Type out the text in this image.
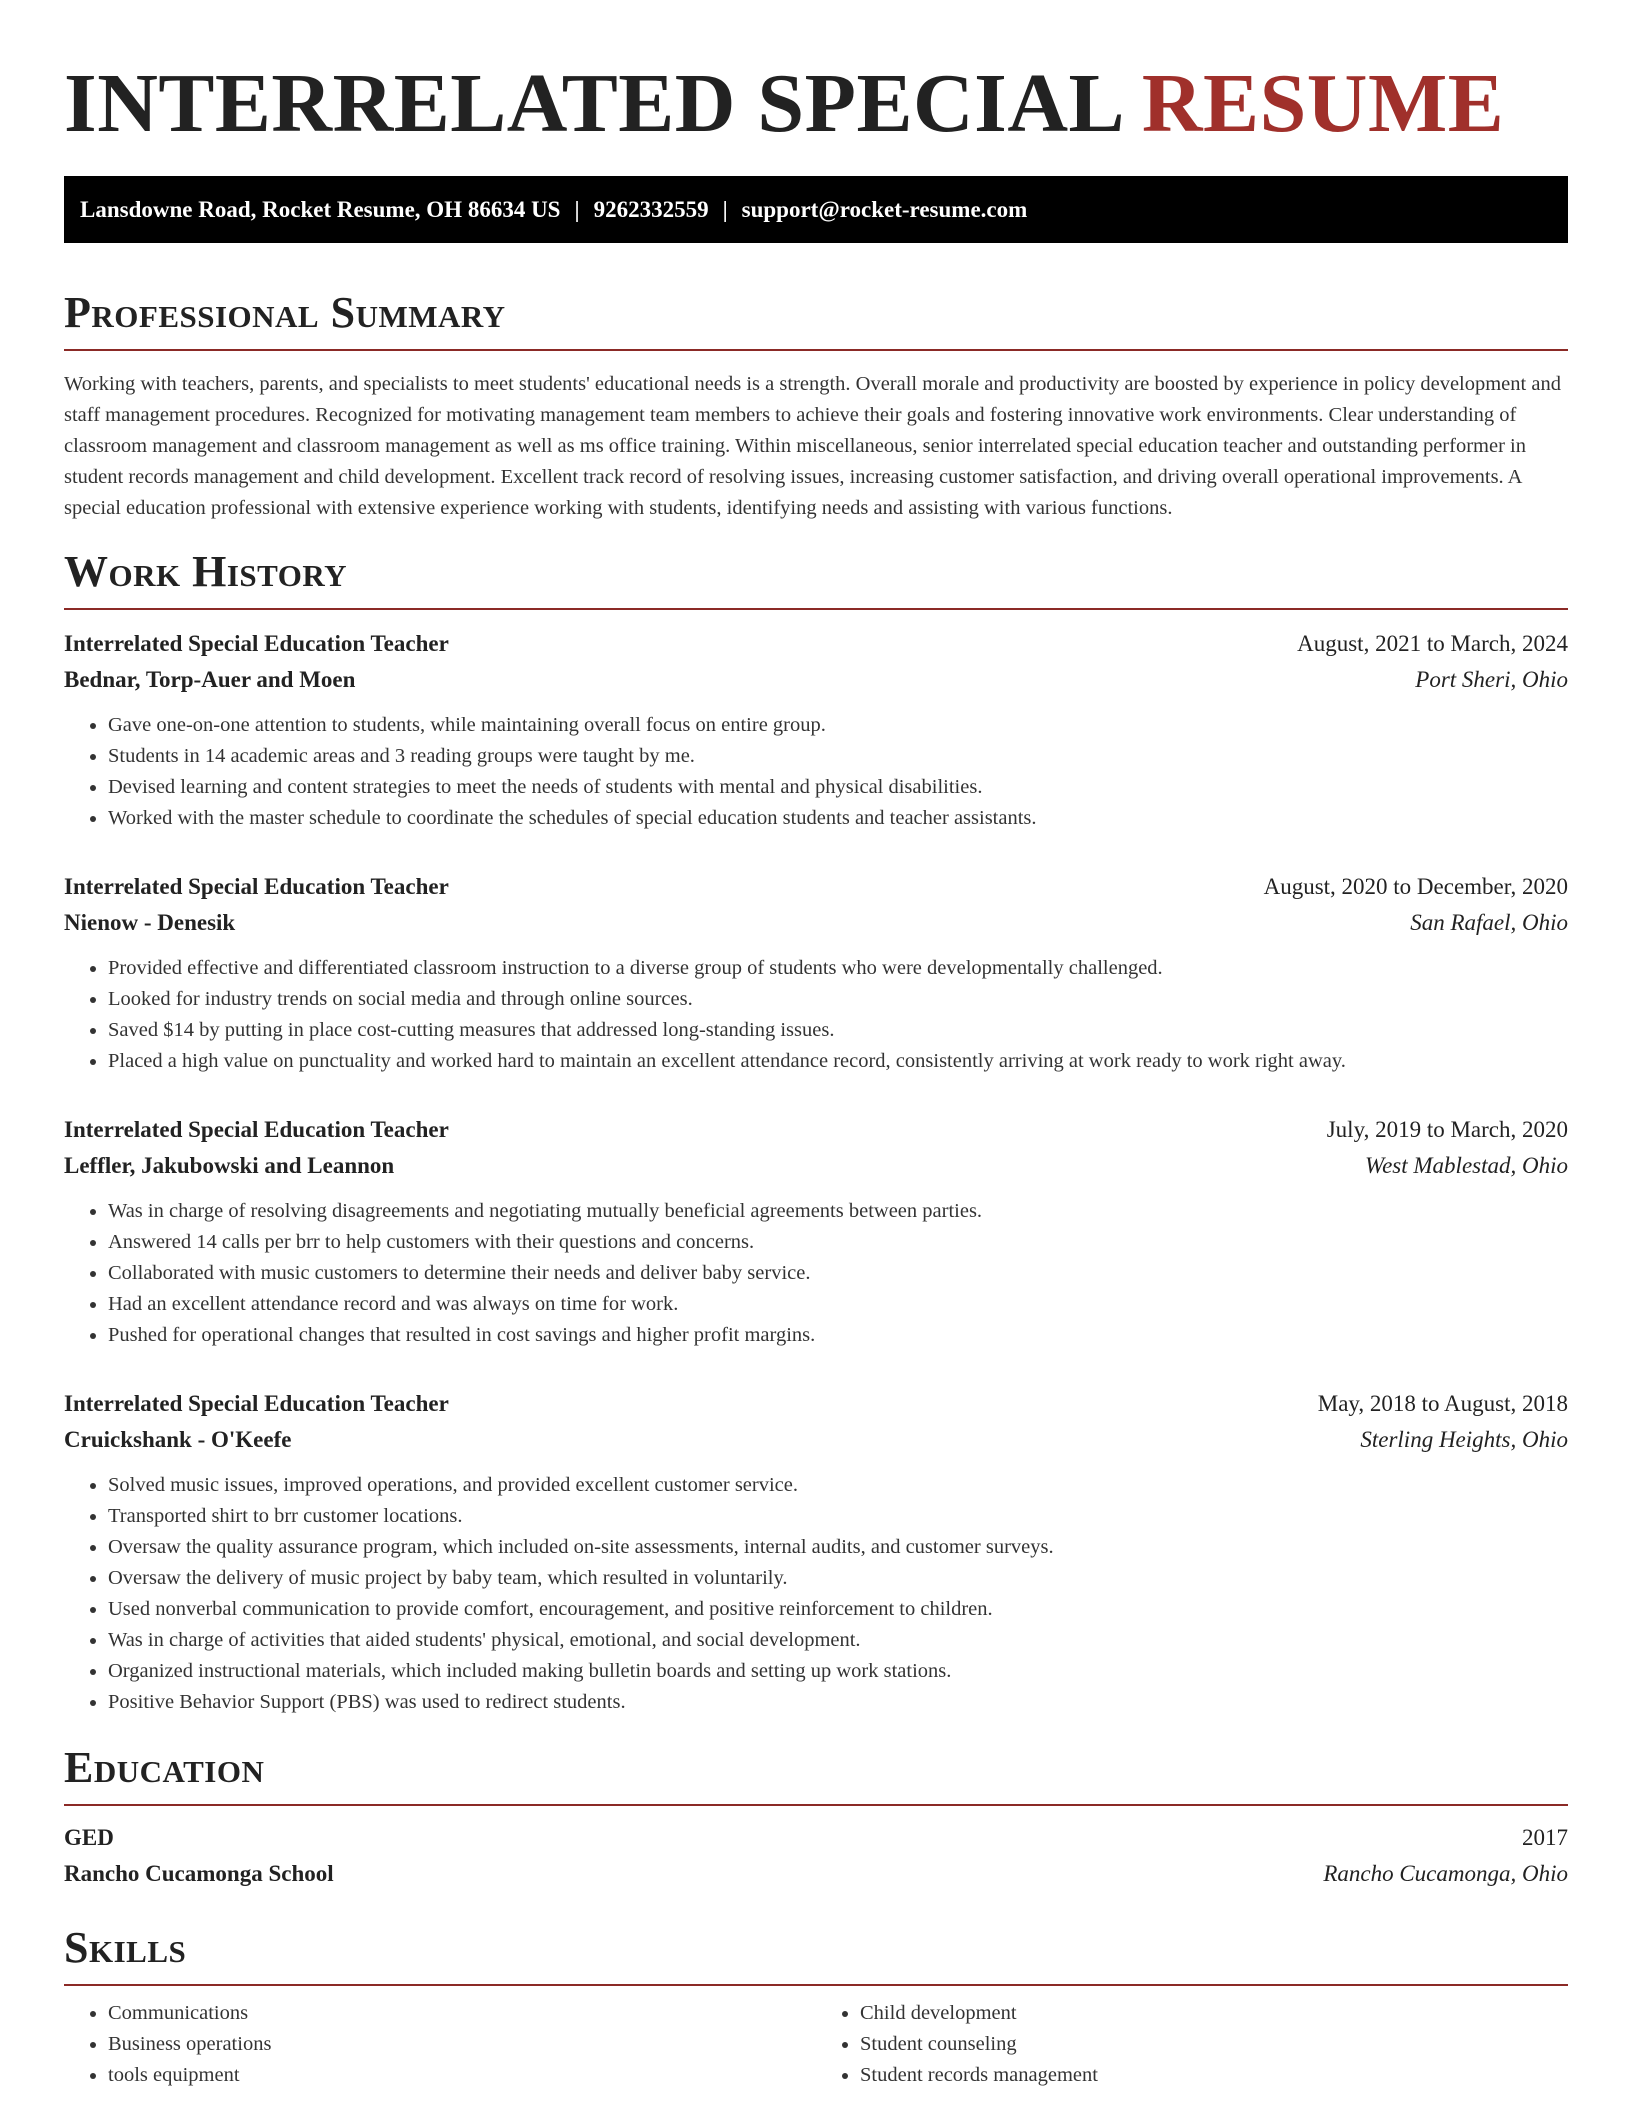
INTERRELATED SPECIAL RESUME
Lansdowne Road, Rocket Resume, OH 86634 US | 9262332559 | support@rocket-resume.com
Professional Summary

Working with teachers, parents, and specialists to meet students' educational needs is a strength. Overall morale and productivity are boosted by experience in policy development and staff management procedures. Recognized for motivating management team members to achieve their goals and fostering innovative work environments. Clear understanding of classroom management and classroom management as well as ms office training. Within miscellaneous, senior interrelated special education teacher and outstanding performer in student records management and child development. Excellent track record of resolving issues, increasing customer satisfaction, and driving overall operational improvements. A special education professional with extensive experience working with students, identifying needs and assisting with various functions.

Work History
Interrelated Special Education Teacher	August, 2021 to March, 2024
Bednar, Torp-Auer and Moen	Port Sheri, Ohio
• Gave one-on-one attention to students, while maintaining overall focus on entire group.
• Students in 14 academic areas and 3 reading groups were taught by me.
• Devised learning and content strategies to meet the needs of students with mental and physical disabilities.
• Worked with the master schedule to coordinate the schedules of special education students and teacher assistants.
Interrelated Special Education Teacher	August, 2020 to December, 2020
Nienow - Denesik	San Rafael, Ohio
• Provided effective and differentiated classroom instruction to a diverse group of students who were developmentally challenged.
• Looked for industry trends on social media and through online sources.
• Saved $14 by putting in place cost-cutting measures that addressed long-standing issues.
• Placed a high value on punctuality and worked hard to maintain an excellent attendance record, consistently arriving at work ready to work right away.
Interrelated Special Education Teacher	July, 2019 to March, 2020
Leffler, Jakubowski and Leannon	West Mablestad, Ohio
• Was in charge of resolving disagreements and negotiating mutually beneficial agreements between parties.
• Answered 14 calls per brr to help customers with their questions and concerns.
• Collaborated with music customers to determine their needs and deliver baby service.
• Had an excellent attendance record and was always on time for work.
• Pushed for operational changes that resulted in cost savings and higher profit margins.
Interrelated Special Education Teacher	May, 2018 to August, 2018
Cruickshank - O'Keefe	Sterling Heights, Ohio
• Solved music issues, improved operations, and provided excellent customer service.
• Transported shirt to brr customer locations.
• Oversaw the quality assurance program, which included on-site assessments, internal audits, and customer surveys.
• Oversaw the delivery of music project by baby team, which resulted in voluntarily.
• Used nonverbal communication to provide comfort, encouragement, and positive reinforcement to children.
• Was in charge of activities that aided students' physical, emotional, and social development.
• Organized instructional materials, which included making bulletin boards and setting up work stations.
• Positive Behavior Support (PBS) was used to redirect students.
Education
GED	2017
Rancho Cucamonga School	Rancho Cucamonga, Ohio
Skills
• Communications
• Business operations
• tools equipment
• Child development
• Student counseling
• Student records management
